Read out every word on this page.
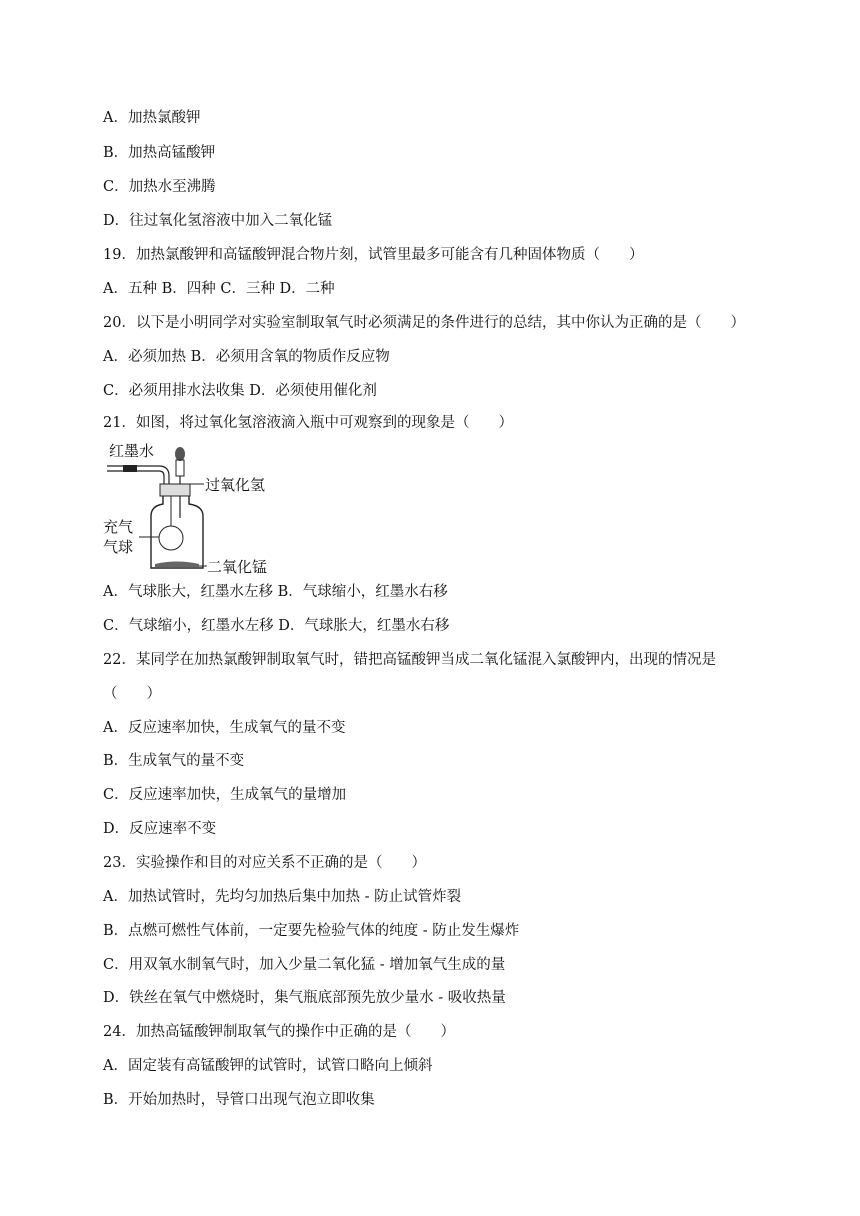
A．加热氯酸钾
B．加热高锰酸钾
C．加热水至沸腾
D．往过氧化氢溶液中加入二氧化锰
19．加热氯酸钾和高锰酸钾混合物片刻，试管里最多可能含有几种固体物质（　　）
A．五种 B．四种 C．三种 D．二种
20．以下是小明同学对实验室制取氧气时必须满足的条件进行的总结，其中你认为正确的是（　　）
A．必须加热 B．必须用含氧的物质作反应物
C．必须用排水法收集 D．必须使用催化剂
21．如图，将过氧化氢溶液滴入瓶中可观察到的现象是（　　）
红墨水
过氧化氢
充气
气球
二氧化锰
A．气球胀大，红墨水左移 B．气球缩小，红墨水右移
C．气球缩小，红墨水左移 D．气球胀大，红墨水右移
22．某同学在加热氯酸钾制取氧气时，错把高锰酸钾当成二氧化锰混入氯酸钾内，出现的情况是
（　　）
A．反应速率加快，生成氧气的量不变
B．生成氧气的量不变
C．反应速率加快，生成氧气的量增加
D．反应速率不变
23．实验操作和目的对应关系不正确的是（　　）
A．加热试管时，先均匀加热后集中加热 - 防止试管炸裂
B．点燃可燃性气体前，一定要先检验气体的纯度 - 防止发生爆炸
C．用双氧水制氧气时，加入少量二氧化猛 - 增加氧气生成的量
D．铁丝在氧气中燃烧时，集气瓶底部预先放少量水 - 吸收热量
24．加热高锰酸钾制取氧气的操作中正确的是（　　）
A．固定装有高锰酸钾的试管时，试管口略向上倾斜
B．开始加热时，导管口出现气泡立即收集
